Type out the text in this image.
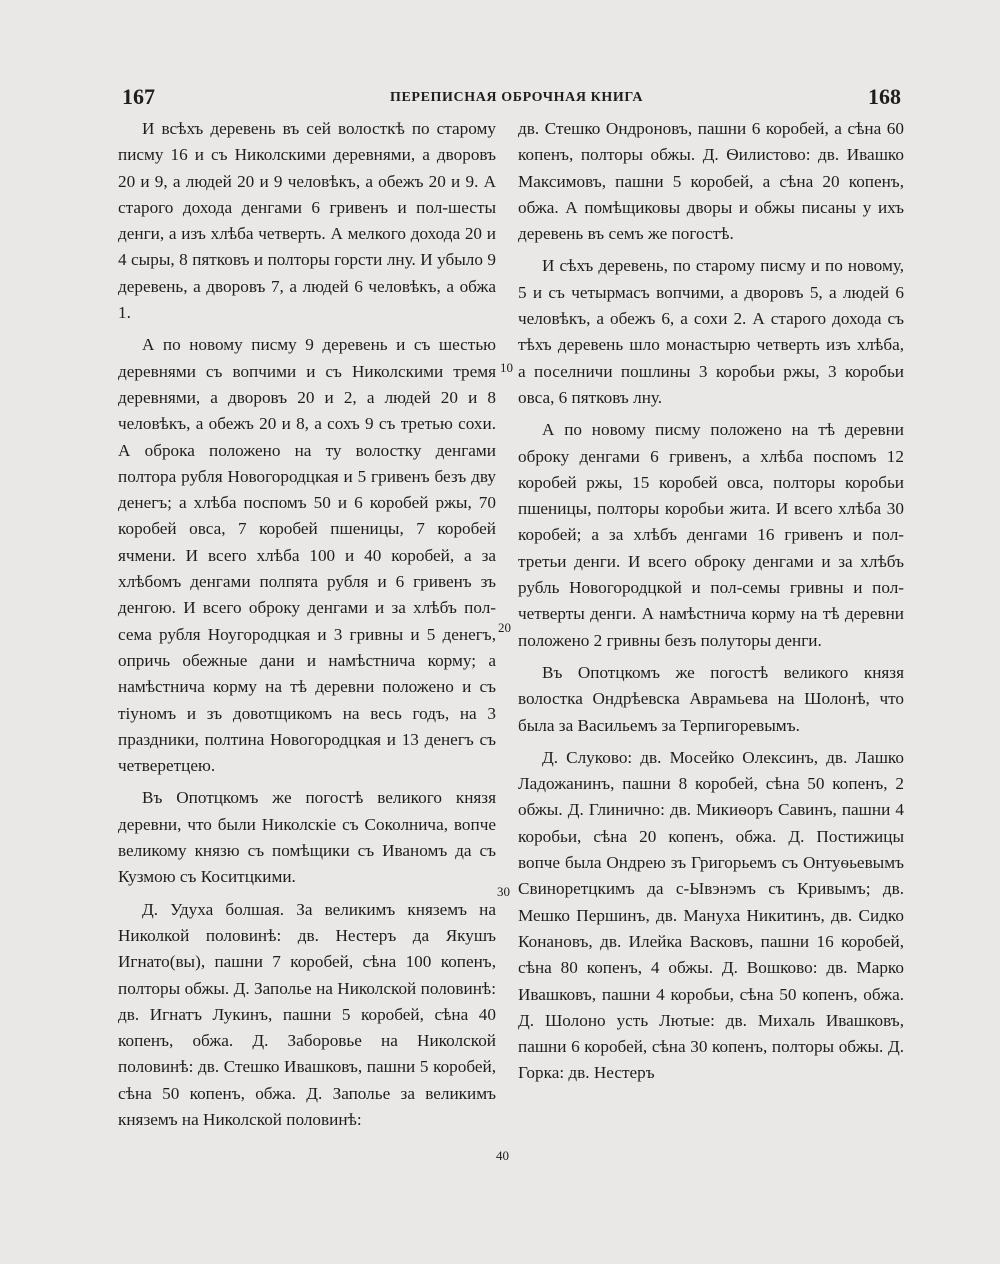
167	ПЕРЕПИСНАЯ ОБРОЧНАЯ КНИГА	168

И всѣхъ деревень въ сей волосткѣ по старому писму 16 и съ Николскими деревнями, а дворовъ 20 и 9, а людей 20 и 9 человѣкъ, а обежъ 20 и 9. А старого дохода денгами 6 гривенъ и пол-шесты денги, а изъ хлѣба четверть. А мелкого дохода 20 и 4 сыры, 8 пятковъ и полторы горсти лну. И убыло 9 деревень, а дворовъ 7, а людей 6 человѣкъ, а обжа 1.

А по новому писму 9 деревень и съ шестью деревнями съ вопчими и съ Николскими тремя деревнями, а дворовъ 20 и 2, а людей 20 и 8 человѣкъ, а обежъ 20 и 8, а сохъ 9 съ третью сохи. А оброка положено на ту волостку денгами полтора рубля Новогородцкая и 5 гривенъ безъ дву денегъ; а хлѣба поспомъ 50 и 6 коробей ржы, 70 коробей овса, 7 коробей пшеницы, 7 коробей ячмени. И всего хлѣба 100 и 40 коробей, а за хлѣбомъ денгами полпята рубля и 6 гривенъ зъ денгою. И всего оброку денгами и за хлѣбъ пол-сема рубля Ноугородцкая и 3 гривны и 5 денегъ, опричь обежные дани и намѣстнича корму; а намѣстнича корму на тѣ деревни положено и съ тіуномъ и зъ довотщикомъ на весь годъ, на 3 праздники, полтина Новогородцкая и 13 денегъ съ четверетцею.

Въ Опотцкомъ же погостѣ великого князя деревни, что были Николскіе съ Соколнича, вопче великому князю съ помѣщики съ Иваномъ да съ Кузмою съ Коситцкими.

Д. Удуха болшая. За великимъ княземъ на Николкой половинѣ: дв. Нестеръ да Якушъ Игнато(вы), пашни 7 коробей, сѣна 100 копенъ, полторы обжы. Д. Заполье на Николской половинѣ: дв. Игнатъ Лукинъ, пашни 5 коробей, сѣна 40 копенъ, обжа. Д. Заборовье на Николской половинѣ: дв. Стешко Ивашковъ, пашни 5 коробей, сѣна 50 копенъ, обжа. Д. Заполье за великимъ княземъ на Николской половинѣ:

10
20
30
40

дв. Стешко Ондроновъ, пашни 6 коробей, а сѣна 60 копенъ, полторы обжы. Д. Ѳилистово: дв. Ивашко Максимовъ, пашни 5 коробей, а сѣна 20 копенъ, обжа. А помѣщиковы дворы и обжы писаны у ихъ деревень въ семъ же погостѣ.

И сѣхъ деревень, по старому писму и по новому, 5 и съ четырмасъ вопчими, а дворовъ 5, а людей 6 человѣкъ, а обежъ 6, а сохи 2. А старого дохода съ тѣхъ деревень шло монастырю четверть изъ хлѣба, а поселничи пошлины 3 коробьи ржы, 3 коробьи овса, 6 пятковъ лну.

А по новому писму положено на тѣ деревни оброку денгами 6 гривенъ, а хлѣба поспомъ 12 коробей ржы, 15 коробей овса, полторы коробьи пшеницы, полторы коробьи жита. И всего хлѣба 30 коробей; а за хлѣбъ денгами 16 гривенъ и пол-третьи денги. И всего оброку денгами и за хлѣбъ рубль Новогородцкой и пол-семы гривны и пол-четверты денги. А намѣстнича корму на тѣ деревни положено 2 гривны безъ полуторы денги.

Въ Опотцкомъ же погостѣ великого князя волостка Ондрѣевска Аврамьева на Шолонѣ, что была за Васильемъ за Терпигоревымъ.

Д. Слуково: дв. Мосейко Олексинъ, дв. Лашко Ладожанинъ, пашни 8 коробей, сѣна 50 копенъ, 2 обжы. Д. Глинично: дв. Микиѳоръ Савинъ, пашни 4 коробьи, сѣна 20 копенъ, обжа. Д. Постижицы вопче была Ондрею зъ Григорьемъ съ Онтуѳьевымъ Свиноретцкимъ да с-Ывэнэмъ съ Кривымъ; дв. Мешко Першинъ, дв. Мануха Никитинъ, дв. Сидко Конановъ, дв. Илейка Васковъ, пашни 16 коробей, сѣна 80 копенъ, 4 обжы. Д. Вошково: дв. Марко Ивашковъ, пашни 4 коробьи, сѣна 50 копенъ, обжа. Д. Шолоно усть Лютые: дв. Михаль Ивашковъ, пашни 6 коробей, сѣна 30 копенъ, полторы обжы. Д. Горка: дв. Нестеръ
